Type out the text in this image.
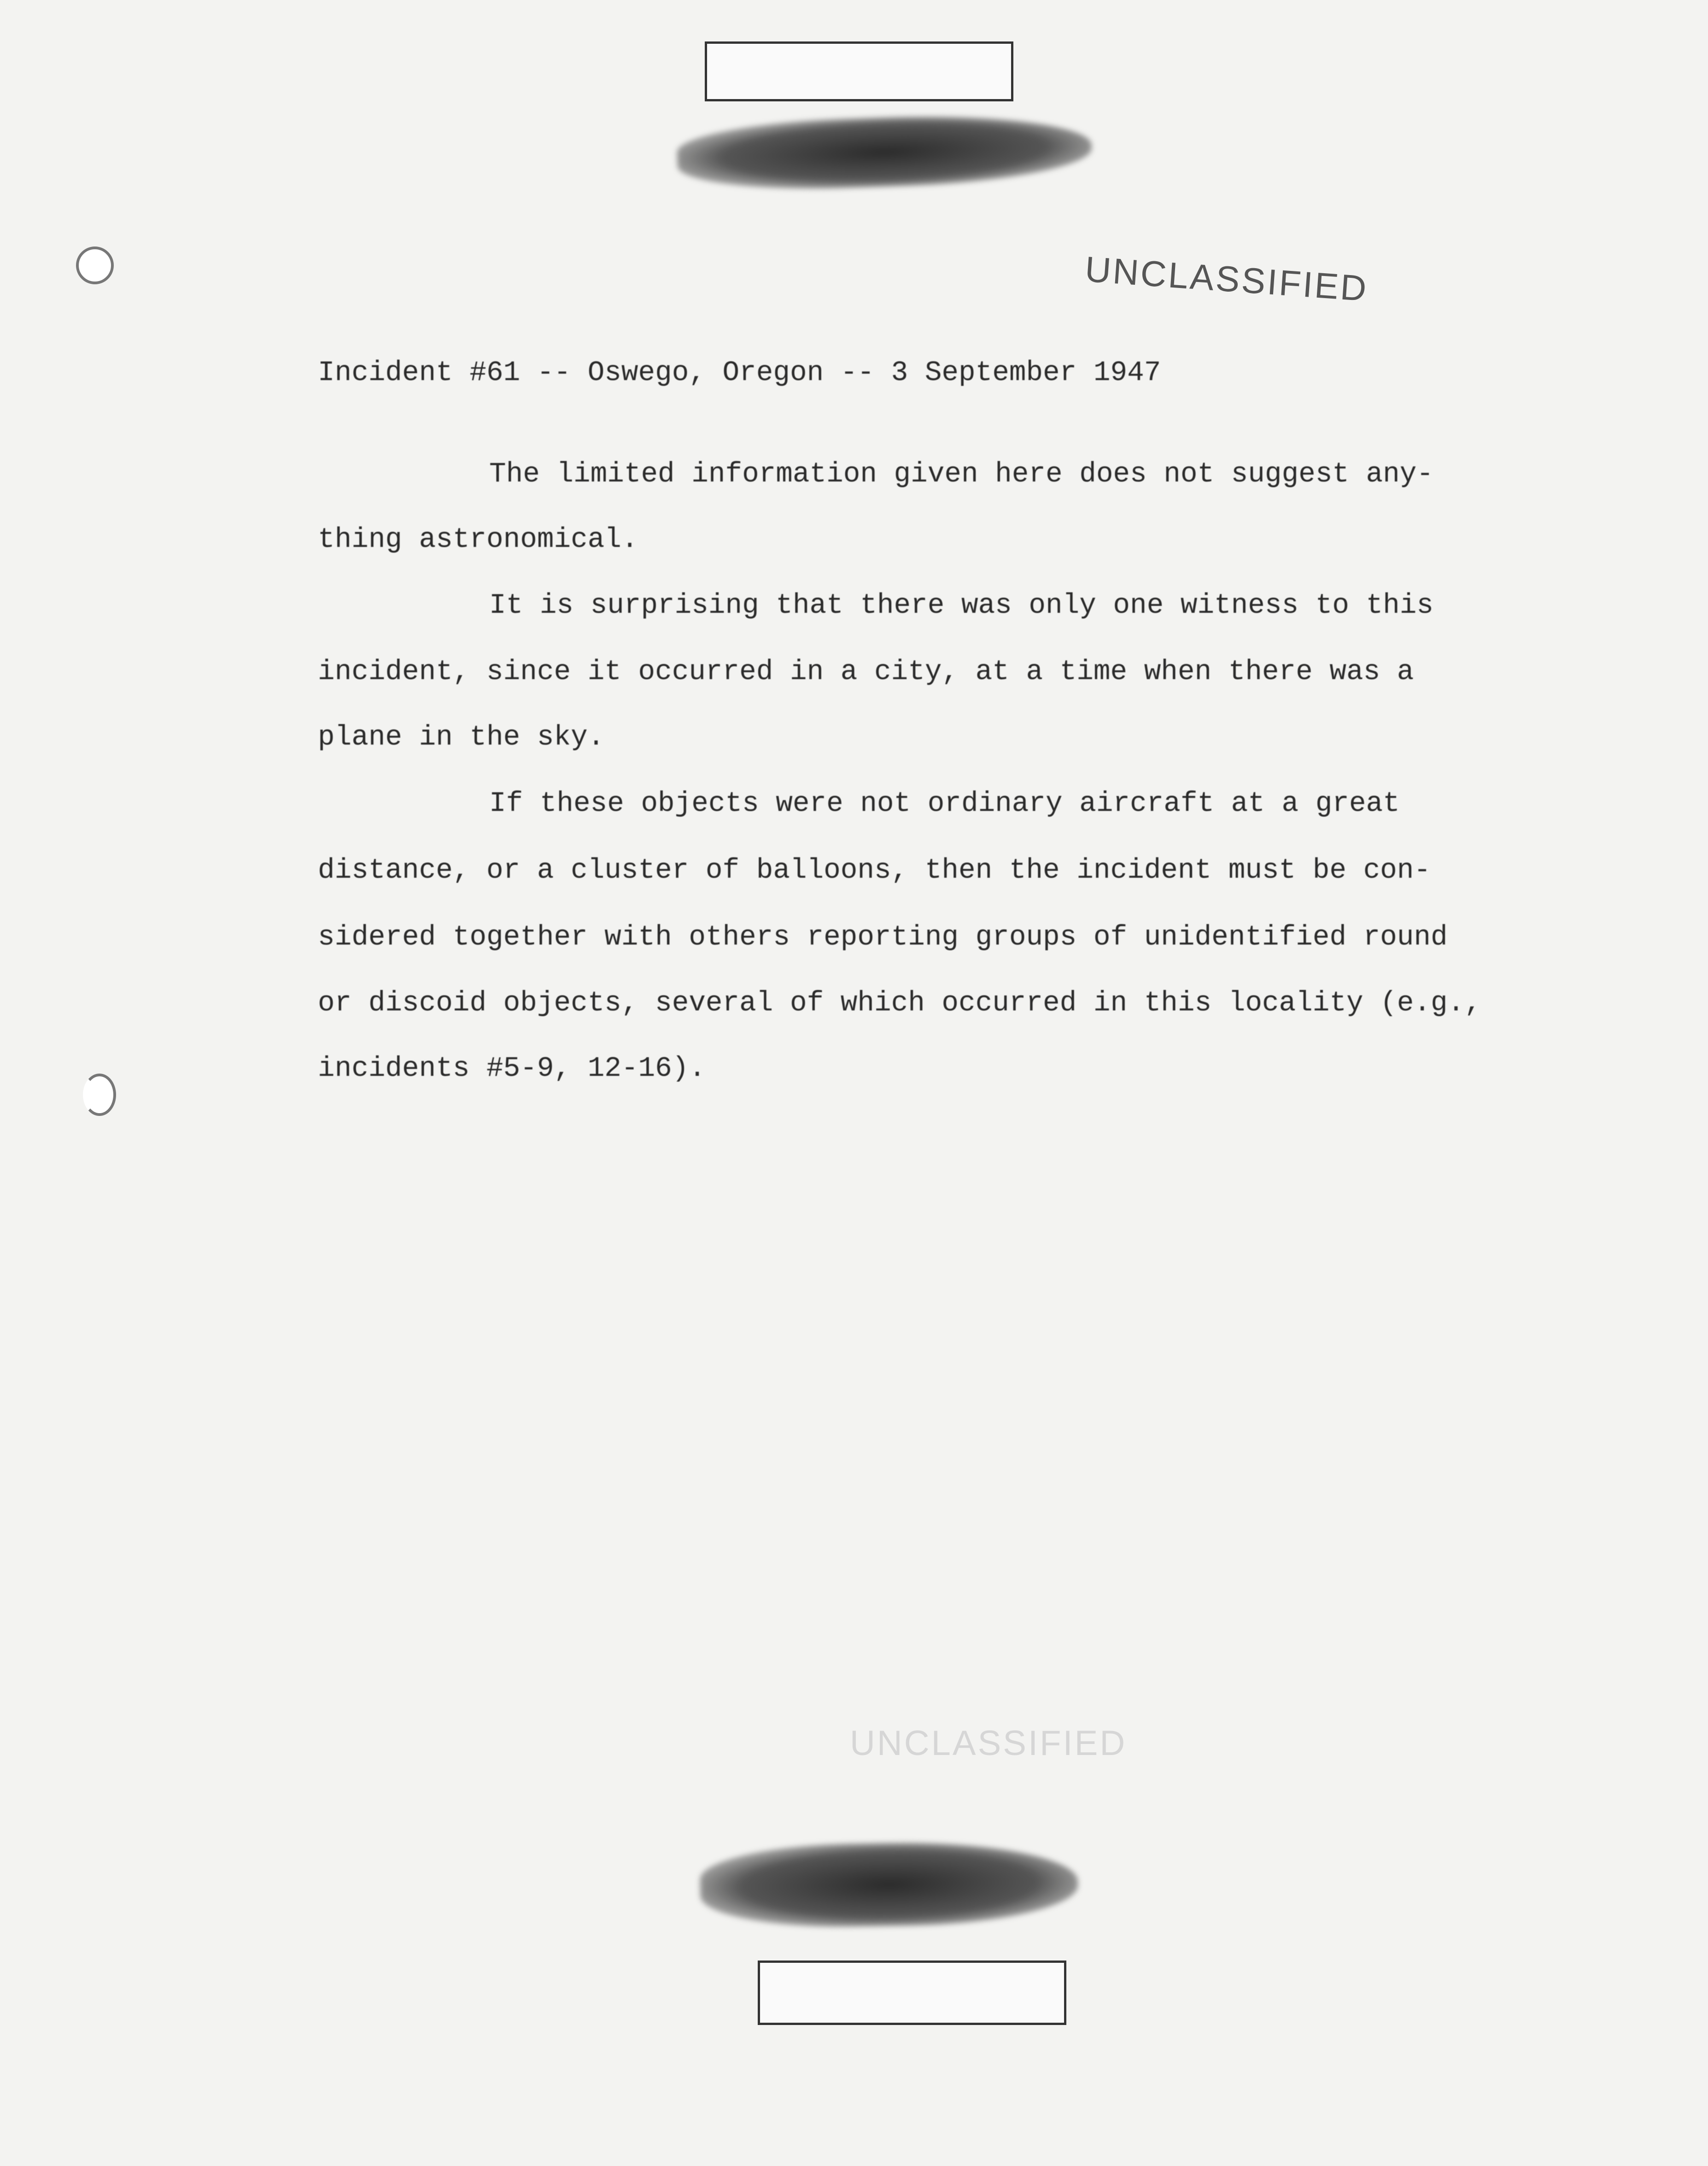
UNCLASSIFIED
Incident #61 -- Oswego, Oregon -- 3 September 1947
The limited information given here does not suggest any-
thing astronomical.
It is surprising that there was only one witness to this
incident, since it occurred in a city, at a time when there was a
plane in the sky.
If these objects were not ordinary aircraft at a great
distance, or a cluster of balloons, then the incident must be con-
sidered together with others reporting groups of unidentified round
or discoid objects, several of which occurred in this locality (e.g.,
incidents #5-9, 12-16).
UNCLASSIFIED
